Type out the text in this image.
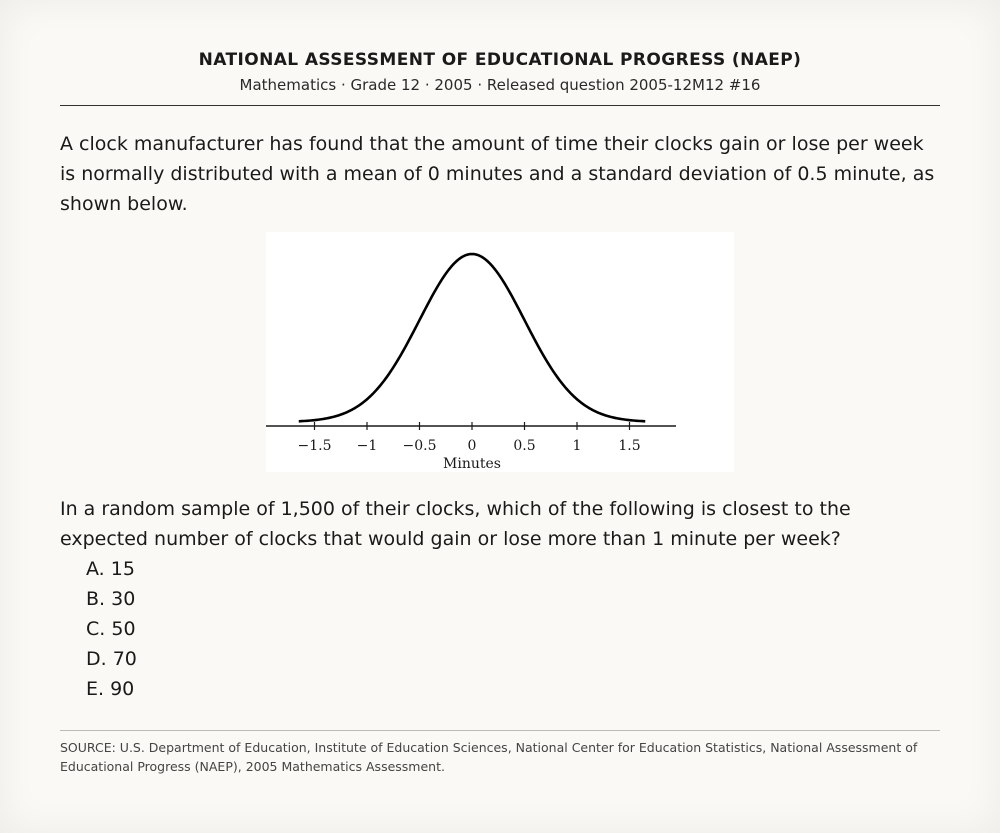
NATIONAL ASSESSMENT OF EDUCATIONAL PROGRESS (NAEP)
Mathematics · Grade 12 · 2005 · Released question 2005-12M12 #16

A clock manufacturer has found that the amount of time their clocks gain or lose per week is normally distributed with a mean of 0 minutes and a standard deviation of 0.5 minute, as shown below.

−1.5 −1 −0.5 0	0.5	1	1.5
Minutes

In a random sample of 1,500 of their clocks, which of the following is closest to the expected number of clocks that would gain or lose more than 1 minute per week?

A. 15
B. 30
C. 50
D. 70
E. 90

SOURCE: U.S. Department of Education, Institute of Education Sciences, National Center for Education Statistics, National Assessment of Educational Progress (NAEP), 2005 Mathematics Assessment.
